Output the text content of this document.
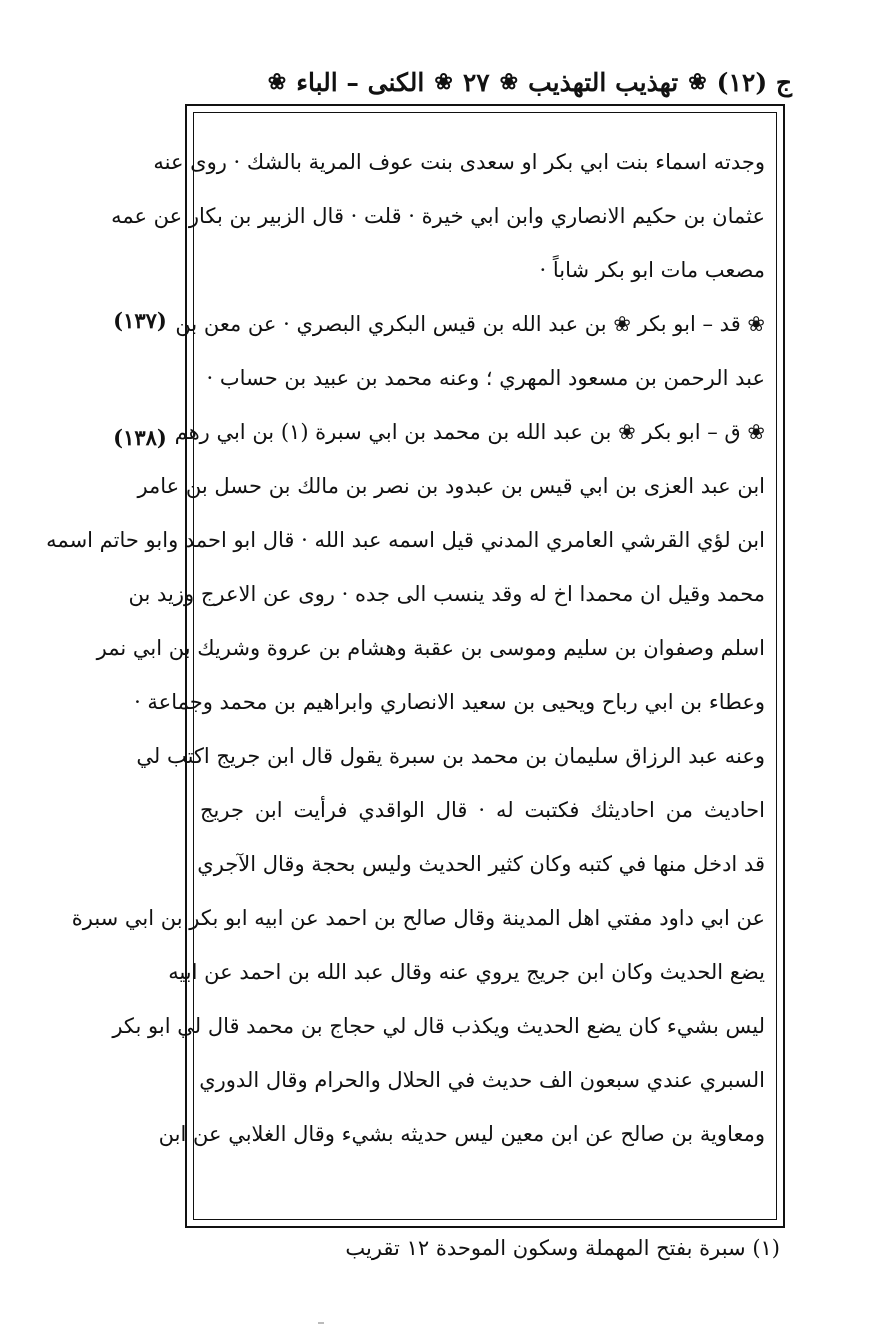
ج (١٢)
❀
تهذيب التهذيب
❀
٢٧
❀
الكنى – الباء
❀
وجدته اسماء بنت ابي بكر او سعدى بنت عوف المرية بالشك · روى عنه
عثمان بن حكيم الانصاري وابن ابي خيرة · قلت · قال الزبير بن بكار عن عمه
مصعب مات ابو بكر شاباً ·
❀ قد – ابو بكر ❀ بن عبد الله بن قيس البكري البصري · عن معن بن
عبد الرحمن بن مسعود المهري ؛ وعنه محمد بن عبيد بن حساب ·
❀ ق – ابو بكر ❀ بن عبد الله بن محمد بن ابي سبرة (١) بن ابي رهم
ابن عبد العزى بن ابي قيس بن عبدود بن نصر بن مالك بن حسل بن عامر
ابن لؤي القرشي العامري المدني قيل اسمه عبد الله · قال ابو احمد وابو حاتم اسمه
محمد وقيل ان محمدا اخ له وقد ينسب الى جده · روى عن الاعرج وزيد بن
اسلم وصفوان بن سليم وموسى بن عقبة وهشام بن عروة وشريك بن ابي نمر
وعطاء بن ابي رباح ويحيى بن سعيد الانصاري وابراهيم بن محمد وجماعة ·
وعنه عبد الرزاق سليمان بن محمد بن سبرة يقول قال ابن جريج اكتب لي
احاديث من احاديثك فكتبت له · قال الواقدي فرأيت ابن جريج
قد ادخل منها في كتبه وكان كثير الحديث وليس بحجة وقال الآجري
عن ابي داود مفتي اهل المدينة وقال صالح بن احمد عن ابيه ابو بكر بن ابي سبرة
يضع الحديث وكان ابن جريج يروي عنه وقال عبد الله بن احمد عن ابيه
ليس بشيء كان يضع الحديث ويكذب قال لي حجاج بن محمد قال لي ابو بكر
السبري عندي سبعون الف حديث في الحلال والحرام وقال الدوري
ومعاوية بن صالح عن ابن معين ليس حديثه بشيء وقال الغلابي عن ابن
(١٣٧)
(١٣٨)
(١) سبرة بفتح المهملة وسكون الموحدة ١٢ تقريب
